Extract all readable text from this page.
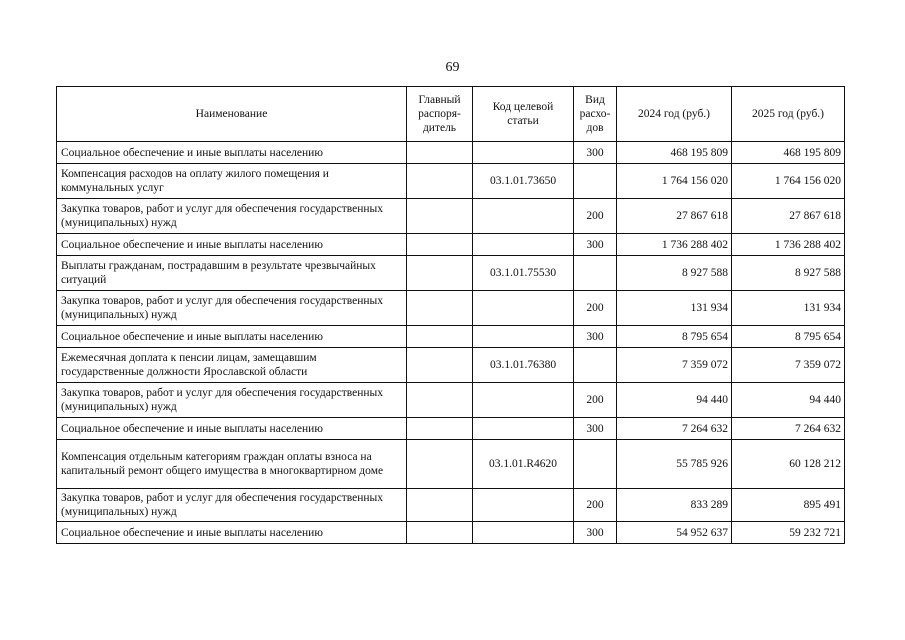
69
Наименование	Главный распоря-дитель	Код целевой статьи	Вид расхо-дов	2024 год (руб.)	2025 год (руб.)
Социальное обеспечение и иные выплаты населению			300	468 195 809	468 195 809
Компенсация расходов на оплату жилого помещения и коммунальных услуг		03.1.01.73650		1 764 156 020	1 764 156 020
Закупка товаров, работ и услуг для обеспечения государственных (муниципальных) нужд			200	27 867 618	27 867 618
Социальное обеспечение и иные выплаты населению			300	1 736 288 402	1 736 288 402
Выплаты гражданам, пострадавшим в результате чрезвычайных ситуаций		03.1.01.75530		8 927 588	8 927 588
Закупка товаров, работ и услуг для обеспечения государственных (муниципальных) нужд			200	131 934	131 934
Социальное обеспечение и иные выплаты населению			300	8 795 654	8 795 654
Ежемесячная доплата к пенсии лицам, замещавшим государственные должности Ярославской области		03.1.01.76380		7 359 072	7 359 072
Закупка товаров, работ и услуг для обеспечения государственных (муниципальных) нужд			200	94 440	94 440
Социальное обеспечение и иные выплаты населению			300	7 264 632	7 264 632
Компенсация отдельным категориям граждан оплаты взноса на капитальный ремонт общего имущества в многоквартирном доме		03.1.01.R4620		55 785 926	60 128 212
Закупка товаров, работ и услуг для обеспечения государственных (муниципальных) нужд			200	833 289	895 491
Социальное обеспечение и иные выплаты населению			300	54 952 637	59 232 721
